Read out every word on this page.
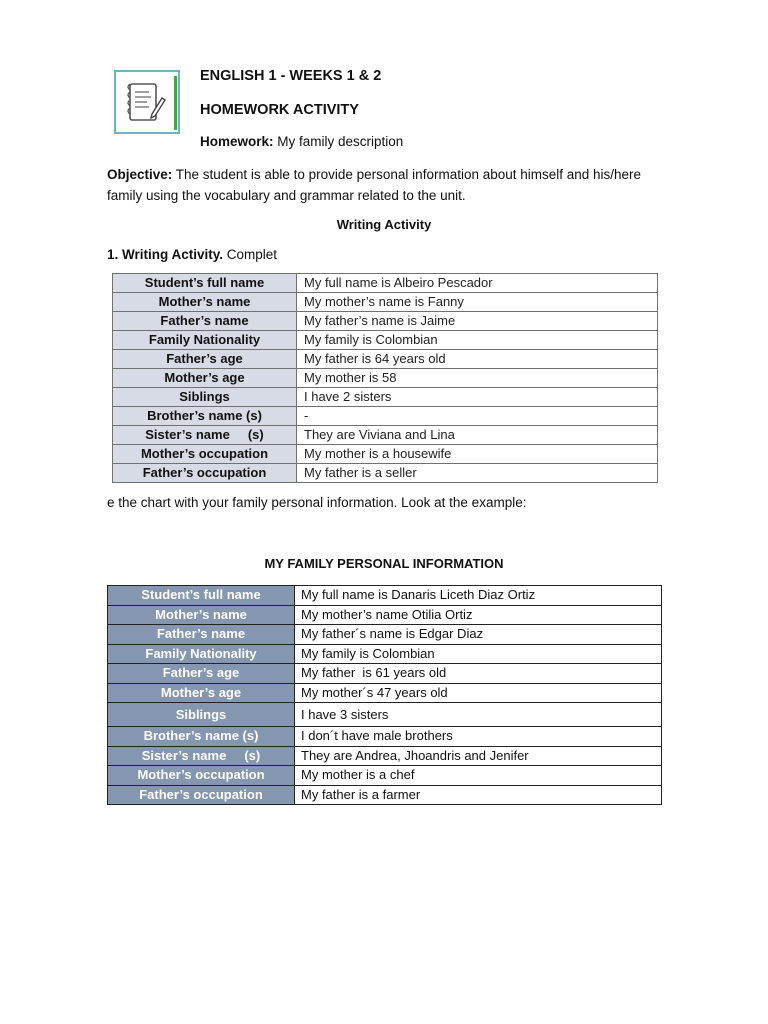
ENGLISH 1 - WEEKS 1 & 2
HOMEWORK ACTIVITY
Homework: My family description
Objective: The student is able to provide personal information about himself and his/here family using the vocabulary and grammar related to the unit.
Writing Activity
1. Writing Activity. Complet
Student’s full name	My full name is Albeiro Pescador
Mother’s name	My mother’s name is Fanny
Father’s name	My father’s name is Jaime
Family Nationality	My family is Colombian
Father’s age	My father is 64 years old
Mother’s age	My mother is 58
Siblings	I have 2 sisters
Brother’s name (s)	-
Sister’s name     (s)	They are Viviana and Lina
Mother’s occupation	My mother is a housewife
Father’s occupation	My father is a seller
e the chart with your family personal information. Look at the example:
MY FAMILY PERSONAL INFORMATION
Student’s full name	My full name is Danaris Liceth Diaz Ortiz
Mother’s name	My mother’s name Otilia Ortiz
Father’s name	My father´s name is Edgar Diaz
Family Nationality	My family is Colombian
Father’s age	My father  is 61 years old
Mother’s age	My mother´s 47 years old
Siblings	I have 3 sisters
Brother’s name (s)	I don´t have male brothers
Sister’s name     (s)	They are Andrea, Jhoandris and Jenifer
Mother’s occupation	My mother is a chef
Father’s occupation	My father is a farmer
